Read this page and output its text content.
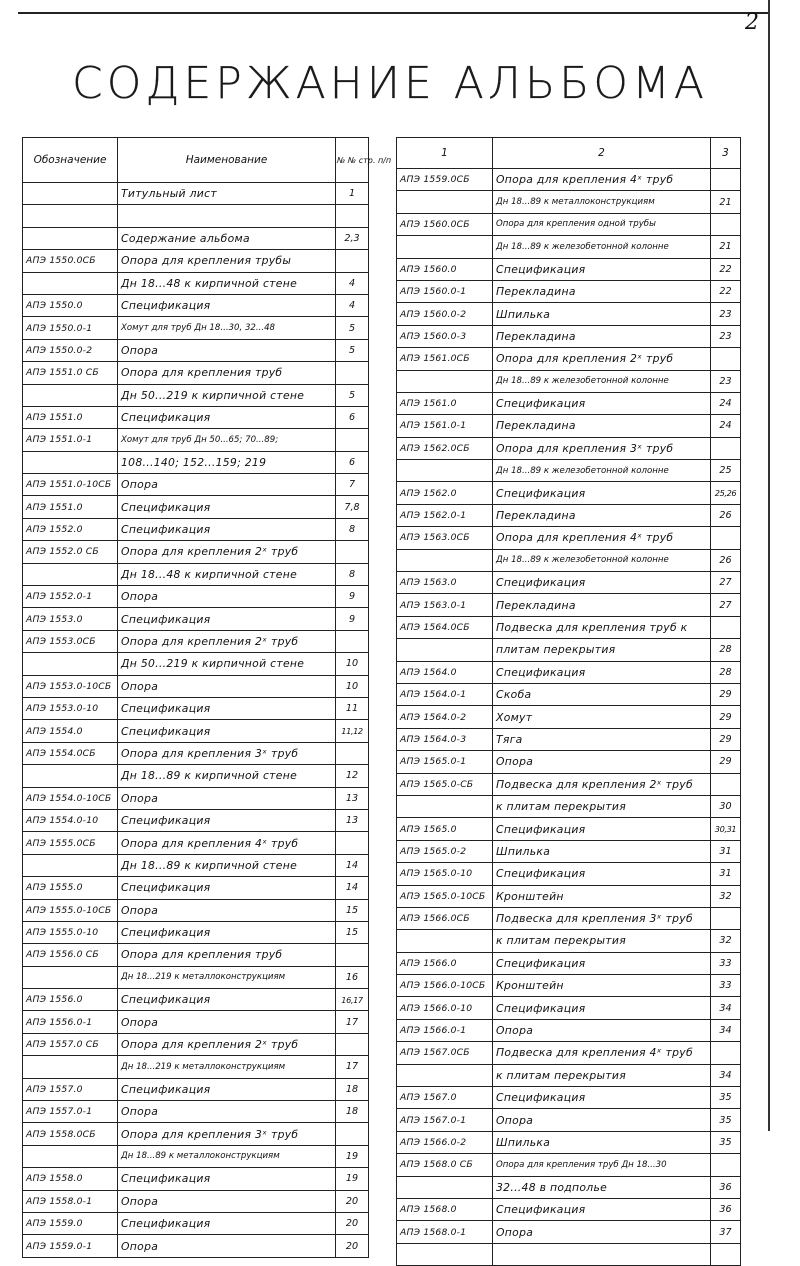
2
СОДЕРЖАНИЕ АЛЬБОМА
Обозначение	Наименование	№ № стр. п/п
	Титульный лист	1

	Содержание альбома	2,3
АПЭ 1550.0СБ	Опора для крепления трубы	
	Дн 18...48 к кирпичной стене	4
АПЭ 1550.0	Спецификация	4
АПЭ 1550.0-1	Хомут для труб Дн 18...30, 32...48	5
АПЭ 1550.0-2	Опора	5
АПЭ 1551.0 СБ	Опора для крепления труб	
	Дн 50...219 к кирпичной стене	5
АПЭ 1551.0	Спецификация	6
АПЭ 1551.0-1	Хомут для труб Дн 50...65; 70...89;	
	108...140; 152...159; 219	6
АПЭ 1551.0-10СБ	Опора	7
АПЭ 1551.0	Спецификация	7,8
АПЭ 1552.0	Спецификация	8
АПЭ 1552.0 СБ	Опора для крепления 2ˣ труб	
	Дн 18...48 к кирпичной стене	8
АПЭ 1552.0-1	Опора	9
АПЭ 1553.0	Спецификация	9
АПЭ 1553.0СБ	Опора для крепления 2ˣ труб	
	Дн 50...219 к кирпичной стене	10
АПЭ 1553.0-10СБ	Опора	10
АПЭ 1553.0-10	Спецификация	11
АПЭ 1554.0	Спецификация	11,12
АПЭ 1554.0СБ	Опора для крепления 3ˣ труб	
	Дн 18...89 к кирпичной стене	12
АПЭ 1554.0-10СБ	Опора	13
АПЭ 1554.0-10	Спецификация	13
АПЭ 1555.0СБ	Опора для крепления 4ˣ труб	
	Дн 18...89 к кирпичной стене	14
АПЭ 1555.0	Спецификация	14
АПЭ 1555.0-10СБ	Опора	15
АПЭ 1555.0-10	Спецификация	15
АПЭ 1556.0 СБ	Опора для крепления труб	
	Дн 18...219 к металлоконструкциям	16
АПЭ 1556.0	Спецификация	16,17
АПЭ 1556.0-1	Опора	17
АПЭ 1557.0 СБ	Опора для крепления 2ˣ труб	
	Дн 18...219 к металлоконструкциям	17
АПЭ 1557.0	Спецификация	18
АПЭ 1557.0-1	Опора	18
АПЭ 1558.0СБ	Опора для крепления 3ˣ труб	
	Дн 18...89 к металлоконструкциям	19
АПЭ 1558.0	Спецификация	19
АПЭ 1558.0-1	Опора	20
АПЭ 1559.0	Спецификация	20
АПЭ 1559.0-1	Опора	20
1	2	3
АПЭ 1559.0СБ	Опора для крепления 4ˣ труб	
	Дн 18...89 к металлоконструкциям	21
АПЭ 1560.0СБ	Опора для крепления одной трубы	
	Дн 18...89 к железобетонной колонне	21
АПЭ 1560.0	Спецификация	22
АПЭ 1560.0-1	Перекладина	22
АПЭ 1560.0-2	Шпилька	23
АПЭ 1560.0-3	Перекладина	23
АПЭ 1561.0СБ	Опора для крепления 2ˣ труб	
	Дн 18...89 к железобетонной колонне	23
АПЭ 1561.0	Спецификация	24
АПЭ 1561.0-1	Перекладина	24
АПЭ 1562.0СБ	Опора для крепления 3ˣ труб	
	Дн 18...89 к железобетонной колонне	25
АПЭ 1562.0	Спецификация	25,26
АПЭ 1562.0-1	Перекладина	26
АПЭ 1563.0СБ	Опора для крепления 4ˣ труб	
	Дн 18...89 к железобетонной колонне	26
АПЭ 1563.0	Спецификация	27
АПЭ 1563.0-1	Перекладина	27
АПЭ 1564.0СБ	Подвеска для крепления труб к	
	плитам перекрытия	28
АПЭ 1564.0	Спецификация	28
АПЭ 1564.0-1	Скоба	29
АПЭ 1564.0-2	Хомут	29
АПЭ 1564.0-3	Тяга	29
АПЭ 1565.0-1	Опора	29
АПЭ 1565.0-СБ	Подвеска для крепления 2ˣ труб	
	к плитам перекрытия	30
АПЭ 1565.0	Спецификация	30,31
АПЭ 1565.0-2	Шпилька	31
АПЭ 1565.0-10	Спецификация	31
АПЭ 1565.0-10СБ	Кронштейн	32
АПЭ 1566.0СБ	Подвеска для крепления 3ˣ труб	
	к плитам перекрытия	32
АПЭ 1566.0	Спецификация	33
АПЭ 1566.0-10СБ	Кронштейн	33
АПЭ 1566.0-10	Спецификация	34
АПЭ 1566.0-1	Опора	34
АПЭ 1567.0СБ	Подвеска для крепления 4ˣ труб	
	к плитам перекрытия	34
АПЭ 1567.0	Спецификация	35
АПЭ 1567.0-1	Опора	35
АПЭ 1566.0-2	Шпилька	35
АПЭ 1568.0 СБ	Опора для крепления труб Дн 18...30	
	32...48 в подполье	36
АПЭ 1568.0	Спецификация	36
АПЭ 1568.0-1	Опора	37
